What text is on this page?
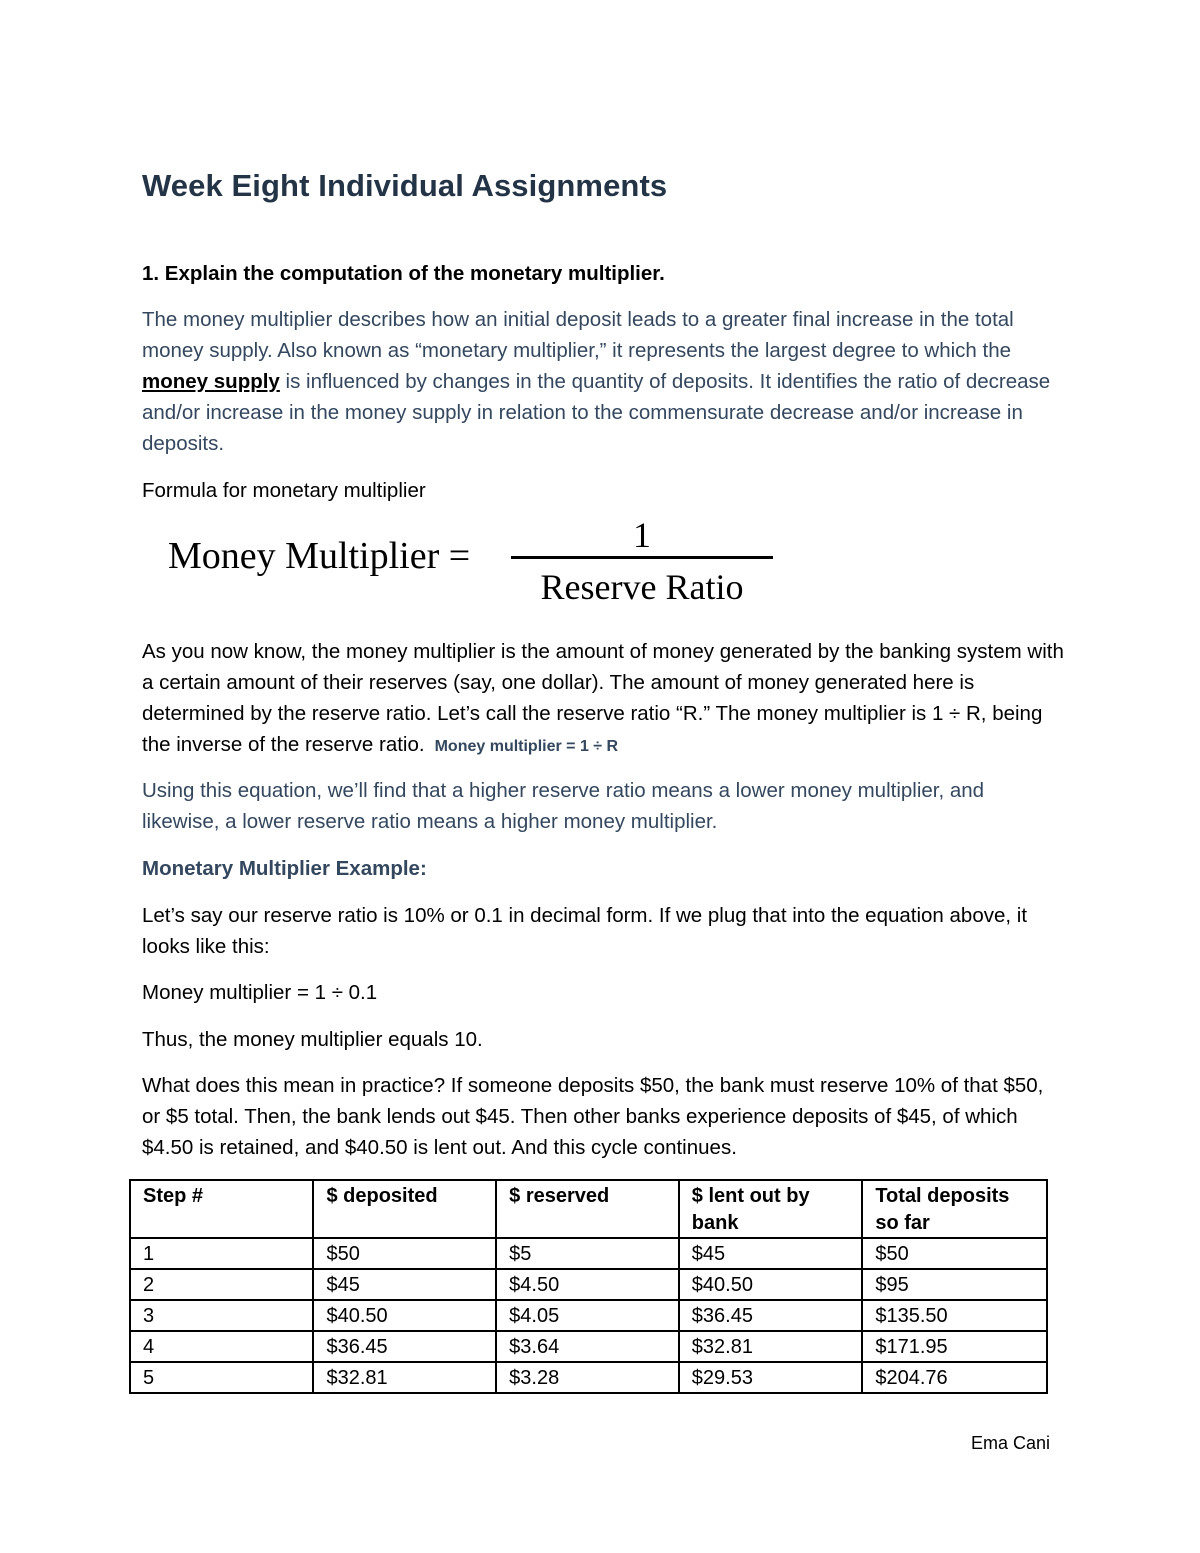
Week Eight Individual Assignments

1. Explain the computation of the monetary multiplier.

The money multiplier describes how an initial deposit leads to a greater final increase in the total money supply. Also known as “monetary multiplier,” it represents the largest degree to which the money supply is influenced by changes in the quantity of deposits. It identifies the ratio of decrease and/or increase in the money supply in relation to the commensurate decrease and/or increase in deposits.

Formula for monetary multiplier

Money Multiplier =	1
Reserve Ratio

As you now know, the money multiplier is the amount of money generated by the banking system with a certain amount of their reserves (say, one dollar). The amount of money generated here is determined by the reserve ratio. Let’s call the reserve ratio “R.” The money multiplier is 1 ÷ R, being the inverse of the reserve ratio. Money multiplier = 1 ÷ R

Using this equation, we’ll find that a higher reserve ratio means a lower money multiplier, and likewise, a lower reserve ratio means a higher money multiplier.

Monetary Multiplier Example:

Let’s say our reserve ratio is 10% or 0.1 in decimal form. If we plug that into the equation above, it looks like this:

Money multiplier = 1 ÷ 0.1

Thus, the money multiplier equals 10.

What does this mean in practice? If someone deposits $50, the bank must reserve 10% of that $50, or $5 total. Then, the bank lends out $45. Then other banks experience deposits of $45, of which $4.50 is retained, and $40.50 is lent out. And this cycle continues.

Step #	$ deposited	$ reserved	$ lent out by bank	Total deposits so far
1	$50	$5	$45	$50
2	$45	$4.50	$40.50	$95
3	$40.50	$4.05	$36.45	$135.50
4	$36.45	$3.64	$32.81	$171.95
5	$32.81	$3.28	$29.53	$204.76

Ema Cani
